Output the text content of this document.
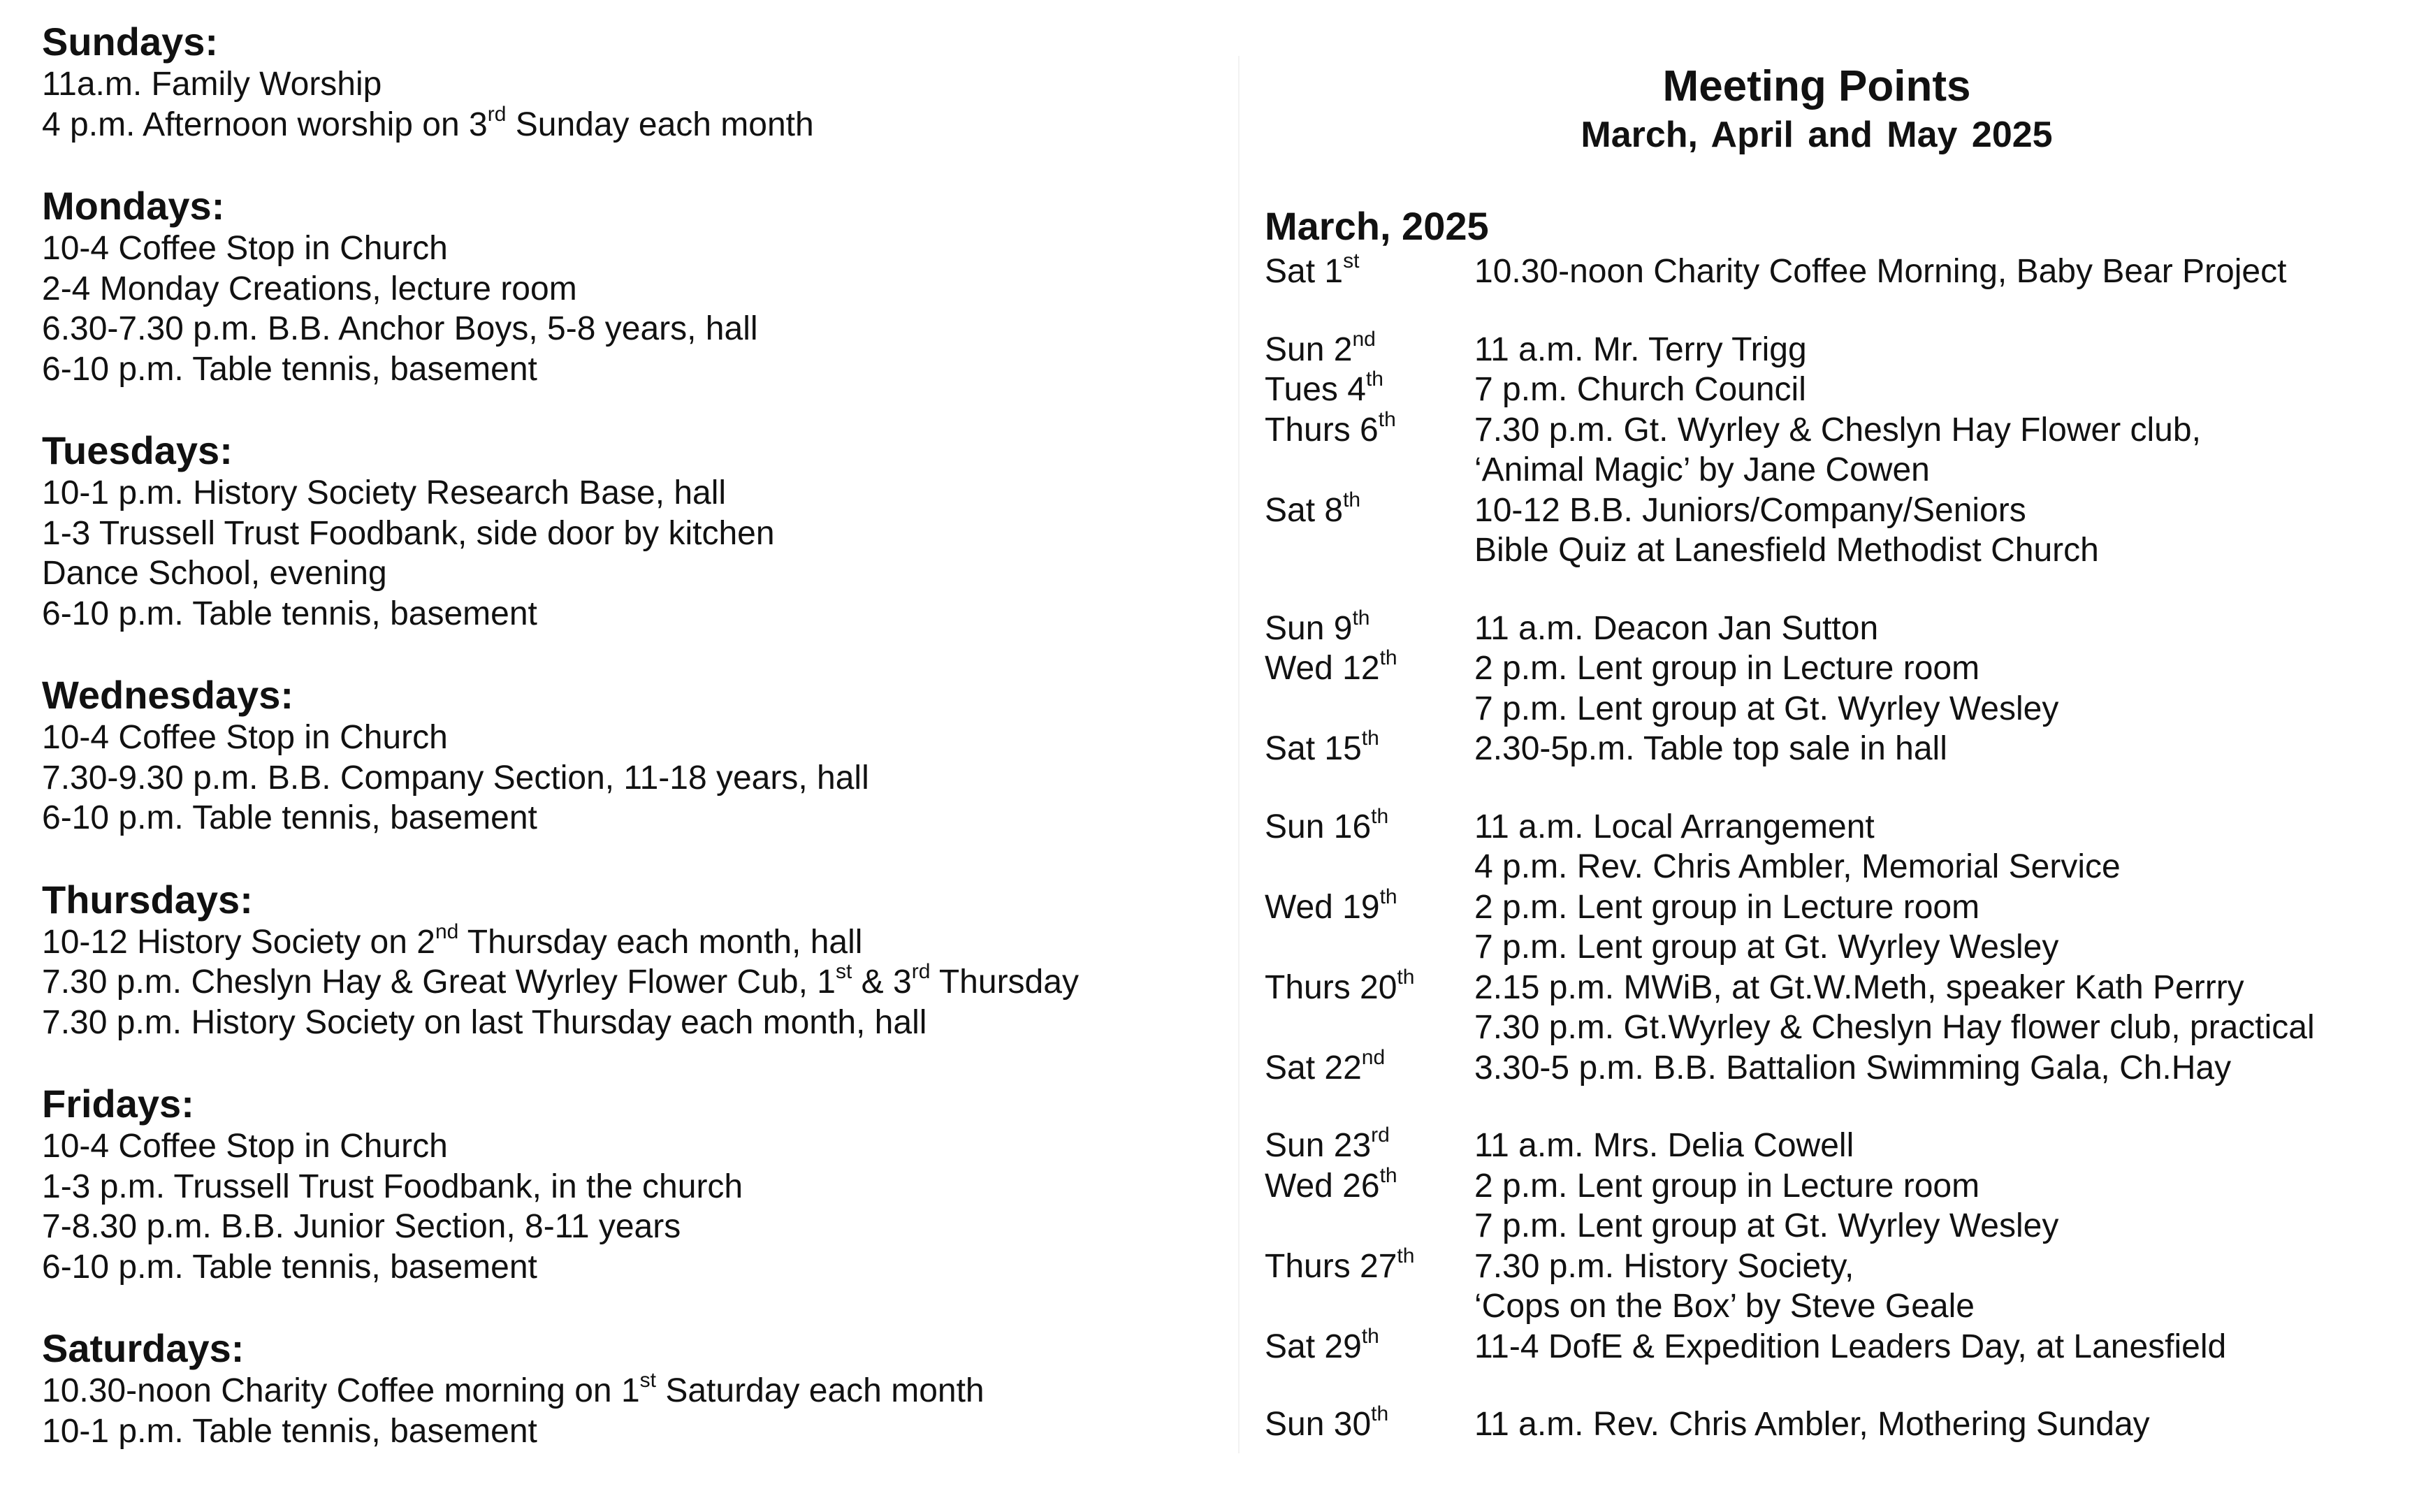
Sundays:
11a.m. Family Worship
4 p.m. Afternoon worship on 3rd Sunday each month
Mondays:
10-4 Coffee Stop in Church
2-4 Monday Creations, lecture room
6.30-7.30 p.m. B.B. Anchor Boys, 5-8 years, hall
6-10 p.m. Table tennis, basement
Tuesdays:
10-1 p.m. History Society Research Base, hall
1-3 Trussell Trust Foodbank, side door by kitchen
Dance School, evening
6-10 p.m. Table tennis, basement
Wednesdays:
10-4 Coffee Stop in Church
7.30-9.30 p.m. B.B. Company Section, 11-18 years, hall
6-10 p.m. Table tennis, basement
Thursdays:
10-12 History Society on 2nd Thursday each month, hall
7.30 p.m. Cheslyn Hay & Great Wyrley Flower Cub, 1st & 3rd Thursday
7.30 p.m. History Society on last Thursday each month, hall
Fridays:
10-4 Coffee Stop in Church
1-3 p.m. Trussell Trust Foodbank, in the church
7-8.30 p.m. B.B. Junior Section, 8-11 years
6-10 p.m. Table tennis, basement
Saturdays:
10.30-noon Charity Coffee morning on 1st Saturday each month
10-1 p.m. Table tennis, basement
Meeting Points
March, April and May 2025
March, 2025
Sat 1st	10.30-noon Charity Coffee Morning, Baby Bear Project
Sun 2nd	11 a.m. Mr. Terry Trigg
Tues 4th	7 p.m. Church Council
Thurs 6th	7.30 p.m. Gt. Wyrley & Cheslyn Hay Flower club,
‘Animal Magic’ by Jane Cowen
Sat 8th	10-12 B.B. Juniors/Company/Seniors
Bible Quiz at Lanesfield Methodist Church
Sun 9th	11 a.m. Deacon Jan Sutton
Wed 12th	2 p.m. Lent group in Lecture room
7 p.m. Lent group at Gt. Wyrley Wesley
Sat 15th	2.30-5p.m. Table top sale in hall
Sun 16th	11 a.m. Local Arrangement
4 p.m. Rev. Chris Ambler, Memorial Service
Wed 19th	2 p.m. Lent group in Lecture room
7 p.m. Lent group at Gt. Wyrley Wesley
Thurs 20th	2.15 p.m. MWiB, at Gt.W.Meth, speaker Kath Perrry
7.30 p.m. Gt.Wyrley & Cheslyn Hay flower club, practical
Sat 22nd	3.30-5 p.m. B.B. Battalion Swimming Gala, Ch.Hay
Sun 23rd	11 a.m. Mrs. Delia Cowell
Wed 26th	2 p.m. Lent group in Lecture room
7 p.m. Lent group at Gt. Wyrley Wesley
Thurs 27th	7.30 p.m. History Society,
‘Cops on the Box’ by Steve Geale
Sat 29th	11-4 DofE & Expedition Leaders Day, at Lanesfield
Sun 30th	11 a.m. Rev. Chris Ambler, Mothering Sunday
